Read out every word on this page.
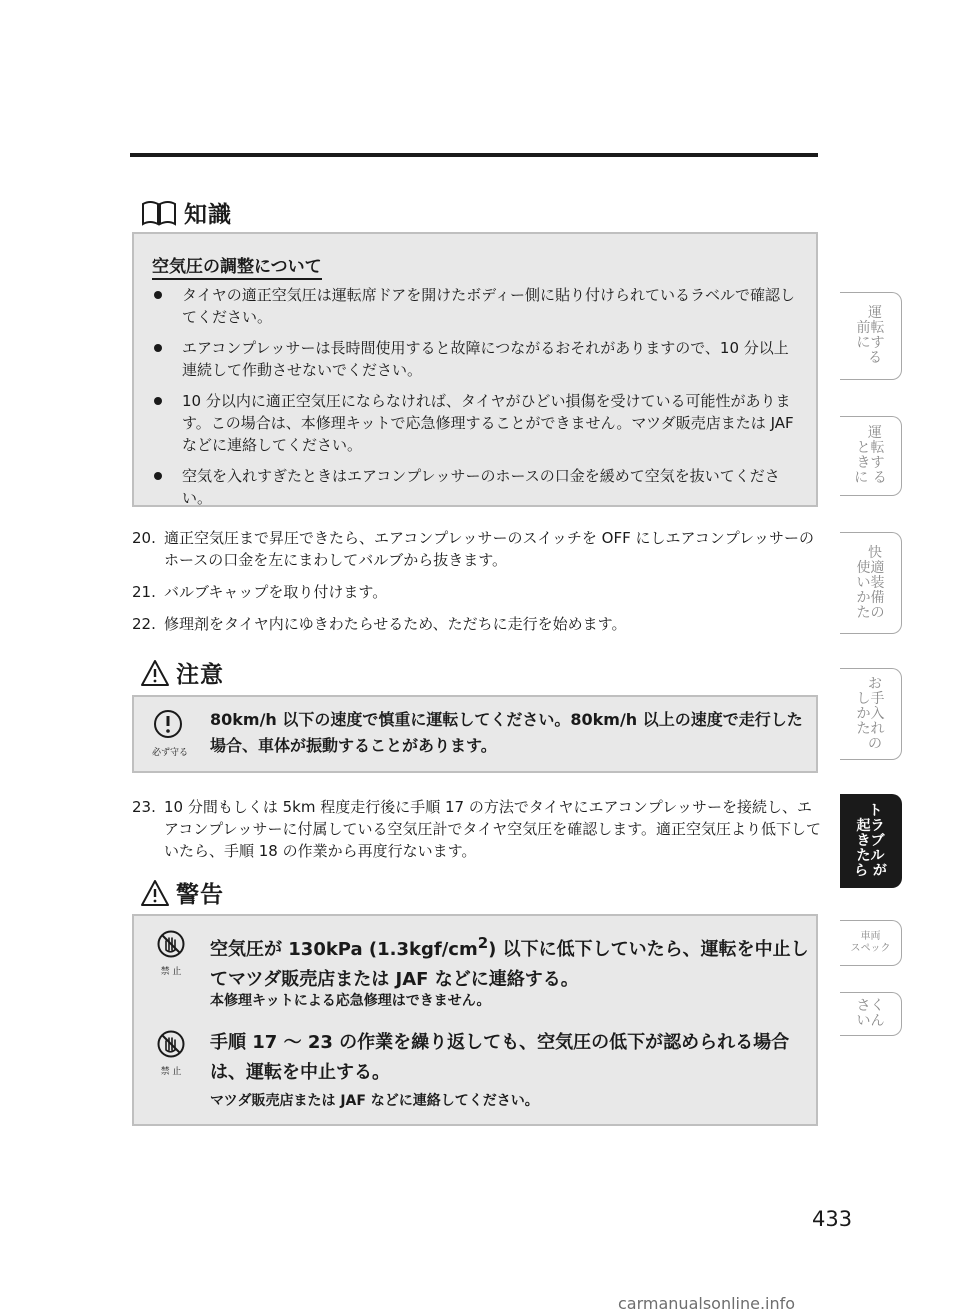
知識
空気圧の調整について
タイヤの適正空気圧は運転席ドアを開けたボディー側に貼り付けられているラベルで確認してください。
エアコンプレッサーは長時間使用すると故障につながるおそれがありますので、10 分以上連続して作動させないでください。
10 分以内に適正空気圧にならなければ、タイヤがひどい損傷を受けている可能性があります。この場合は、本修理キットで応急修理することができません。マツダ販売店または JAF などに連絡してください。
空気を入れすぎたときはエアコンプレッサーのホースの口金を緩めて空気を抜いてください。
20. 適正空気圧まで昇圧できたら、エアコンプレッサーのスイッチを OFF にしエアコンプレッサーのホースの口金を左にまわしてバルブから抜きます。
21. バルブキャップを取り付けます。
22. 修理剤をタイヤ内にゆきわたらせるため、ただちに走行を始めます。
注意
必ず守る
80km/h 以下の速度で慎重に運転してください。80km/h 以上の速度で走行した場合、車体が振動することがあります。
23. 10 分間もしくは 5km 程度走行後に手順 17 の方法でタイヤにエアコンプレッサーを接続し、エアコンプレッサーに付属している空気圧計でタイヤ空気圧を確認します。適正空気圧より低下していたら、手順 18 の作業から再度行ないます。
警告
禁 止
空気圧が 130kPa $(1.3kgf/cm^2)$ 以下に低下していたら、運転を中止してマツダ販売店または JAF などに連絡する。
本修理キットによる応急修理はできません。
禁 止
手順 17 〜 23 の作業を繰り返しても、空気圧の低下が認められる場合は、運転を中止する。
マツダ販売店または JAF などに連絡してください。
運
前転
にす
る
運
と転
きす
に る
快
使適
い装
か備
たの
お
し手
か入
たれ
の
ト
起ラ
きブ
たル
ら が
車両
スペック
さく
いん
433
carmanualsonline.info
